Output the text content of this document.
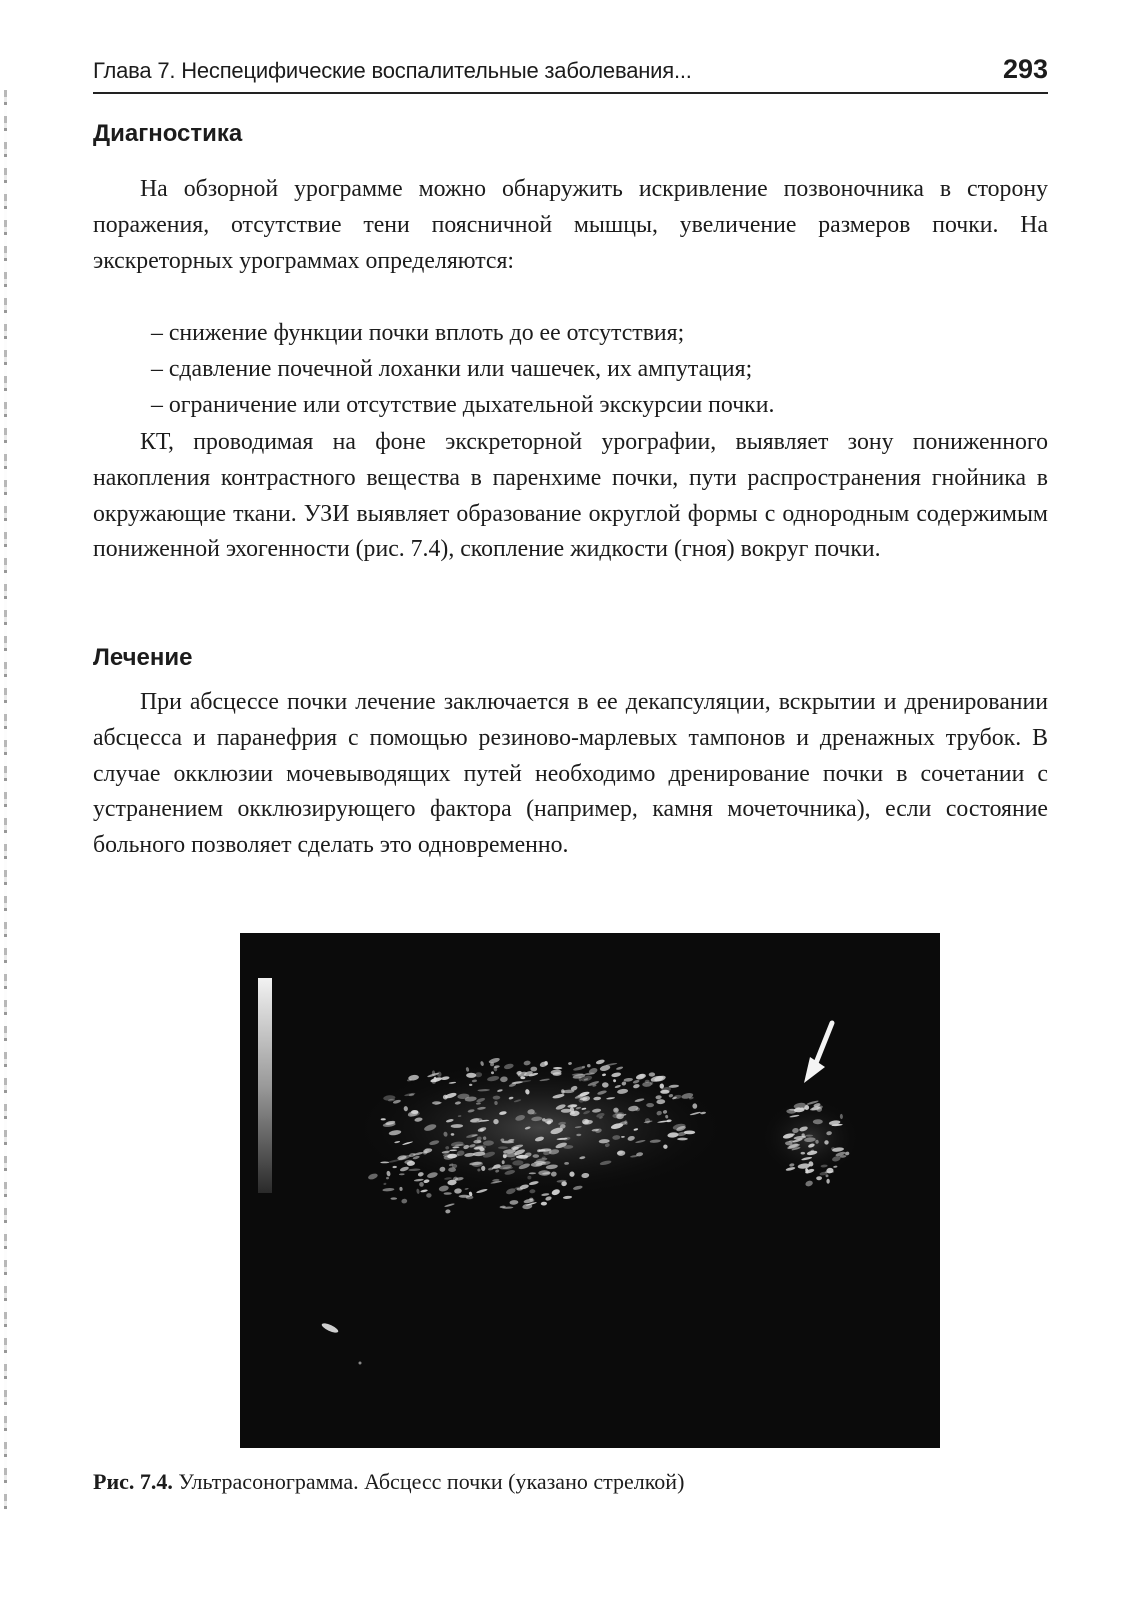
Глава 7. Неспецифические воспалительные заболевания...	293
Диагностика

На обзорной урограмме можно обнаружить искривление позвоночника в сторону поражения, отсутствие тени поясничной мышцы, увеличение размеров почки. На экскреторных урограммах определяются:

– снижение функции почки вплоть до ее отсутствия;
– сдавление почечной лоханки или чашечек, их ампутация;
– ограничение или отсутствие дыхательной экскурсии почки.

КТ, проводимая на фоне экскреторной урографии, выявляет зону пониженного накопления контрастного вещества в паренхиме почки, пути распространения гнойника в окружающие ткани. УЗИ выявляет образование округлой формы с однородным содержимым пониженной эхогенности (рис. 7.4), скопление жидкости (гноя) вокруг почки.

Лечение

При абсцессе почки лечение заключается в ее декапсуляции, вскрытии и дренировании абсцесса и паранефрия с помощью резиново-марлевых тампонов и дренажных трубок. В случае окклюзии мочевыводящих путей необходимо дренирование почки в сочетании с устранением окклюзирующего фактора (например, камня мочеточника), если состояние больного позволяет сделать это одновременно.

Рис. 7.4. Ультрасонограмма. Абсцесс почки (указано стрелкой)
